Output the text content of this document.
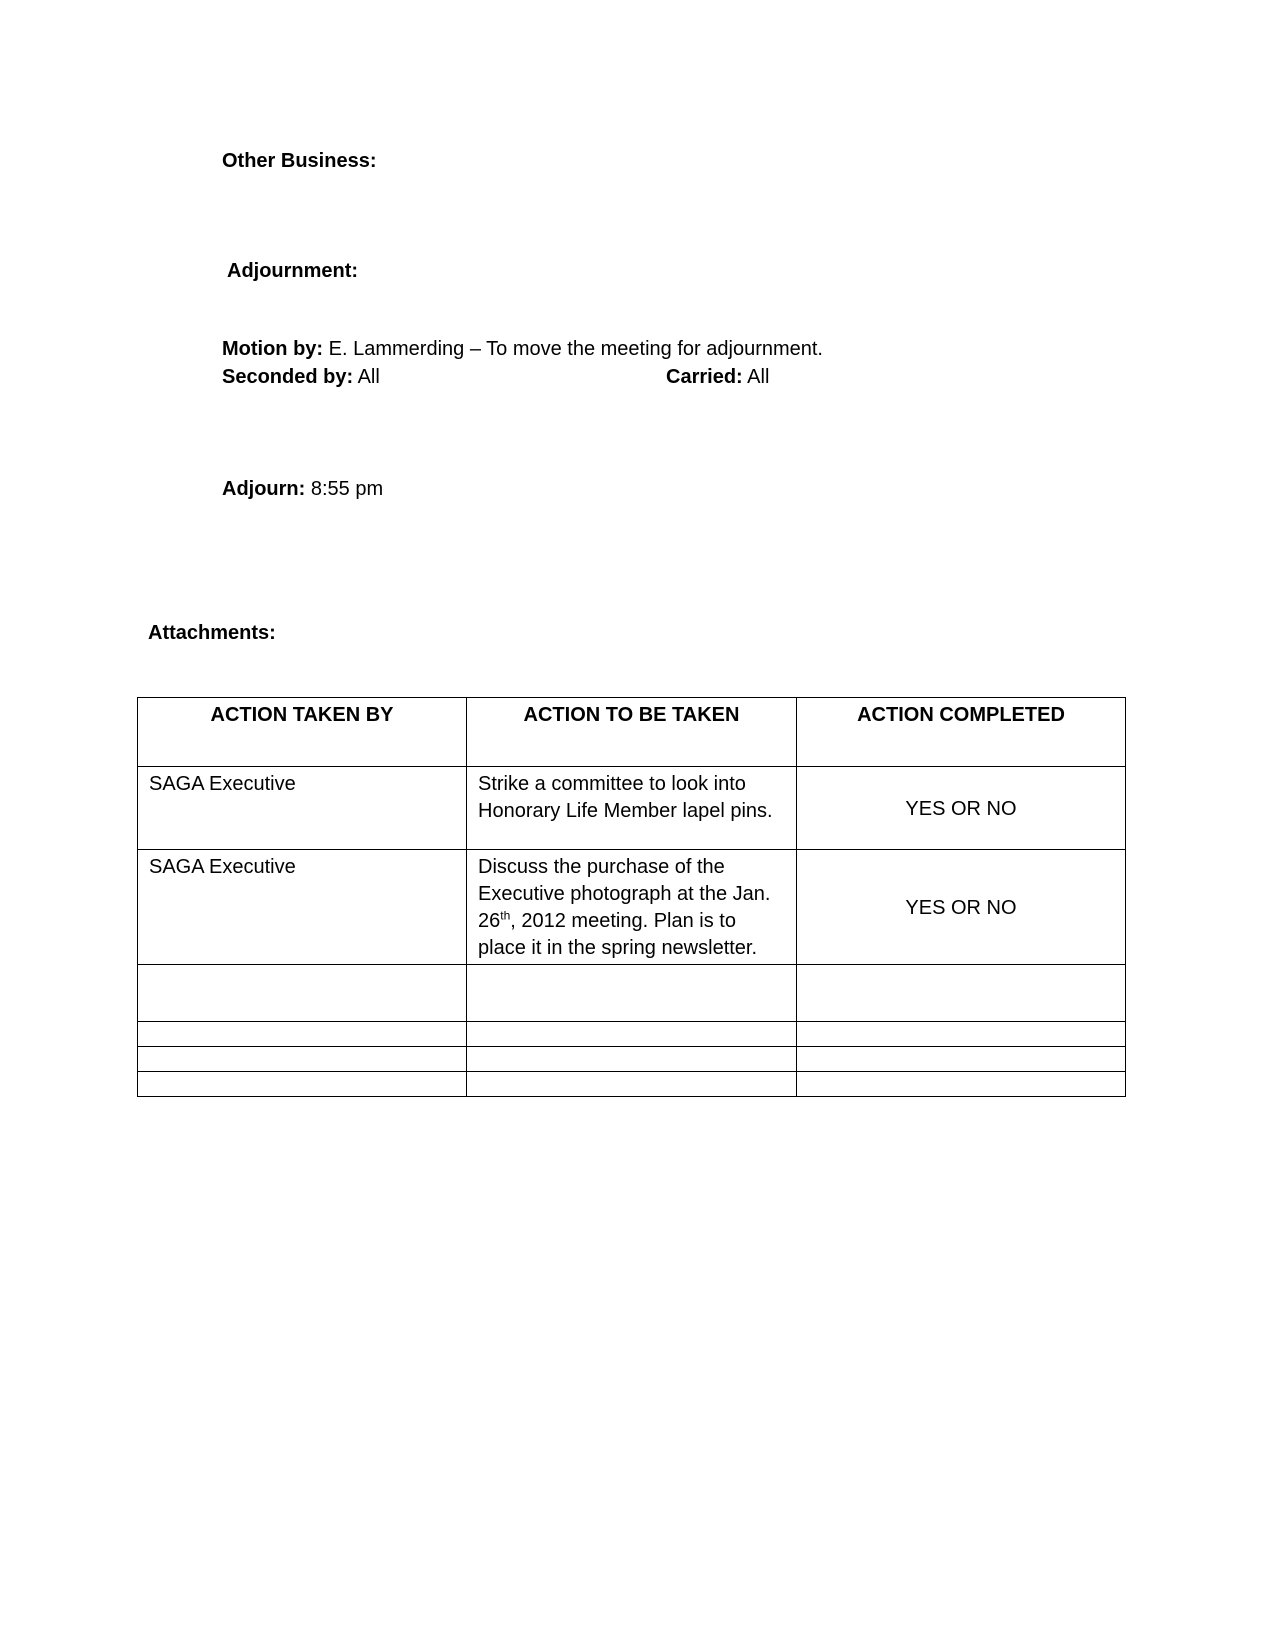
Other Business:
Adjournment:
Motion by: E. Lammerding – To move the meeting for adjournment.
Seconded by: All	Carried: All
Adjourn: 8:55 pm
Attachments:
ACTION TAKEN BY	ACTION TO BE TAKEN	ACTION COMPLETED
SAGA Executive	Strike a committee to look into Honorary Life Member lapel pins.	YES OR NO
SAGA Executive	Discuss the purchase of the Executive photograph at the Jan. 26th, 2012 meeting. Plan is to place it in the spring newsletter.	YES OR NO
